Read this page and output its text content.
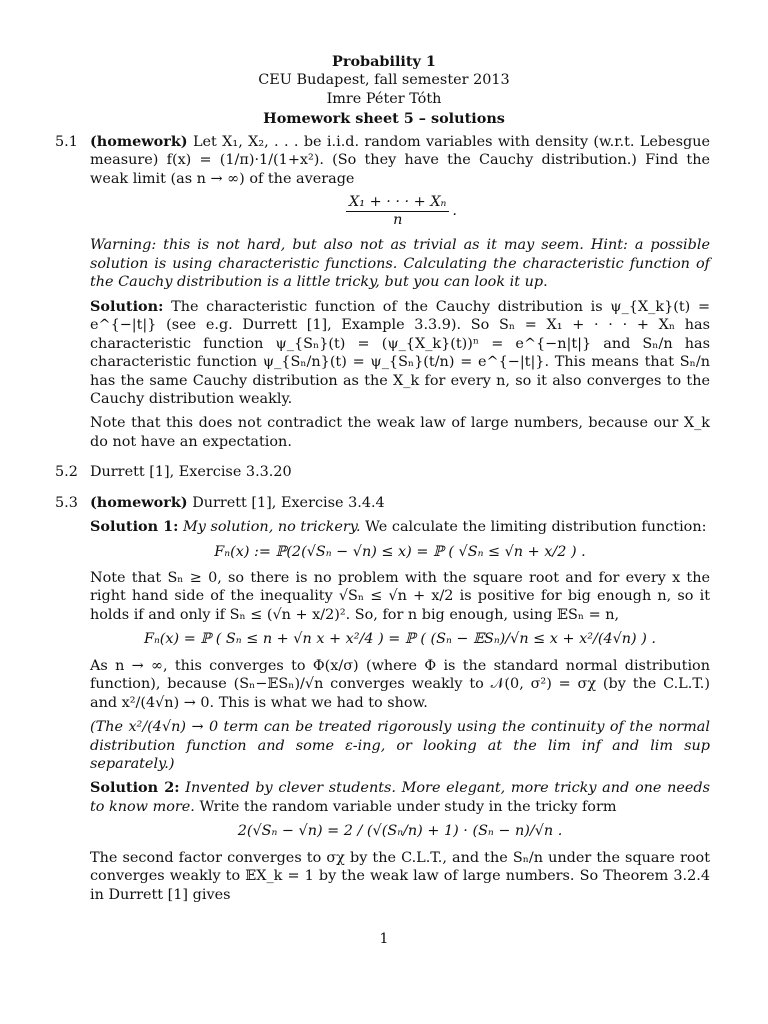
Probability 1
CEU Budapest, fall semester 2013
Imre Péter Tóth
Homework sheet 5 – solutions
5.1 (homework) Let X₁, X₂, . . . be i.i.d. random variables with density (w.r.t. Lebesgue measure) f(x) = (1/π)·1/(1+x²). (So they have the Cauchy distribution.) Find the weak limit (as n → ∞) of the average

$\frac{\text{X₁ + · · · + Xₙ}}{n}$ .

Warning: this is not hard, but also not as trivial as it may seem. Hint: a possible solution is using characteristic functions. Calculating the characteristic function of the Cauchy distribution is a little tricky, but you can look it up.

Solution: The characteristic function of the Cauchy distribution is ψ_{X_k}(t) = e^{−|t|} (see e.g. Durrett [1], Example 3.3.9). So Sₙ = X₁ + · · · + Xₙ has characteristic function ψ_{Sₙ}(t) = (ψ_{X_k}(t))ⁿ = e^{−n|t|} and Sₙ/n has characteristic function ψ_{Sₙ/n}(t) = ψ_{Sₙ}(t/n) = e^{−|t|}. This means that Sₙ/n has the same Cauchy distribution as the X_k for every n, so it also converges to the Cauchy distribution weakly.

Note that this does not contradict the weak law of large numbers, because our X_k do not have an expectation.

5.2 Durrett [1], Exercise 3.3.20

5.3 (homework) Durrett [1], Exercise 3.4.4

Solution 1: My solution, no trickery. We calculate the limiting distribution function:

Fₙ(x) := ℙ(2(√Sₙ − √n) ≤ x) = ℙ ( √Sₙ ≤ √n + x/2 ) .

Note that Sₙ ≥ 0, so there is no problem with the square root and for every x the right hand side of the inequality √Sₙ ≤ √n + x/2 is positive for big enough n, so it holds if and only if Sₙ ≤ (√n + x/2)². So, for n big enough, using 𝔼Sₙ = n,

Fₙ(x) = ℙ ( Sₙ ≤ n + √n x + x²/4 ) = ℙ ( (Sₙ − 𝔼Sₙ)/√n ≤ x + x²/(4√n) ) .

As n → ∞, this converges to Φ(x/σ) (where Φ is the standard normal distribution function), because (Sₙ−𝔼Sₙ)/√n converges weakly to 𝒩(0, σ²) = σχ (by the C.L.T.) and x²/(4√n) → 0. This is what we had to show.

(The x²/(4√n) → 0 term can be treated rigorously using the continuity of the normal distribution function and some ε-ing, or looking at the lim inf and lim sup separately.)

Solution 2: Invented by clever students. More elegant, more tricky and one needs to know more. Write the random variable under study in the tricky form

2(√Sₙ − √n) = 2 / (√(Sₙ/n) + 1) · (Sₙ − n)/√n .

The second factor converges to σχ by the C.L.T., and the Sₙ/n under the square root converges weakly to 𝔼X_k = 1 by the weak law of large numbers. So Theorem 3.2.4 in Durrett [1] gives

1
